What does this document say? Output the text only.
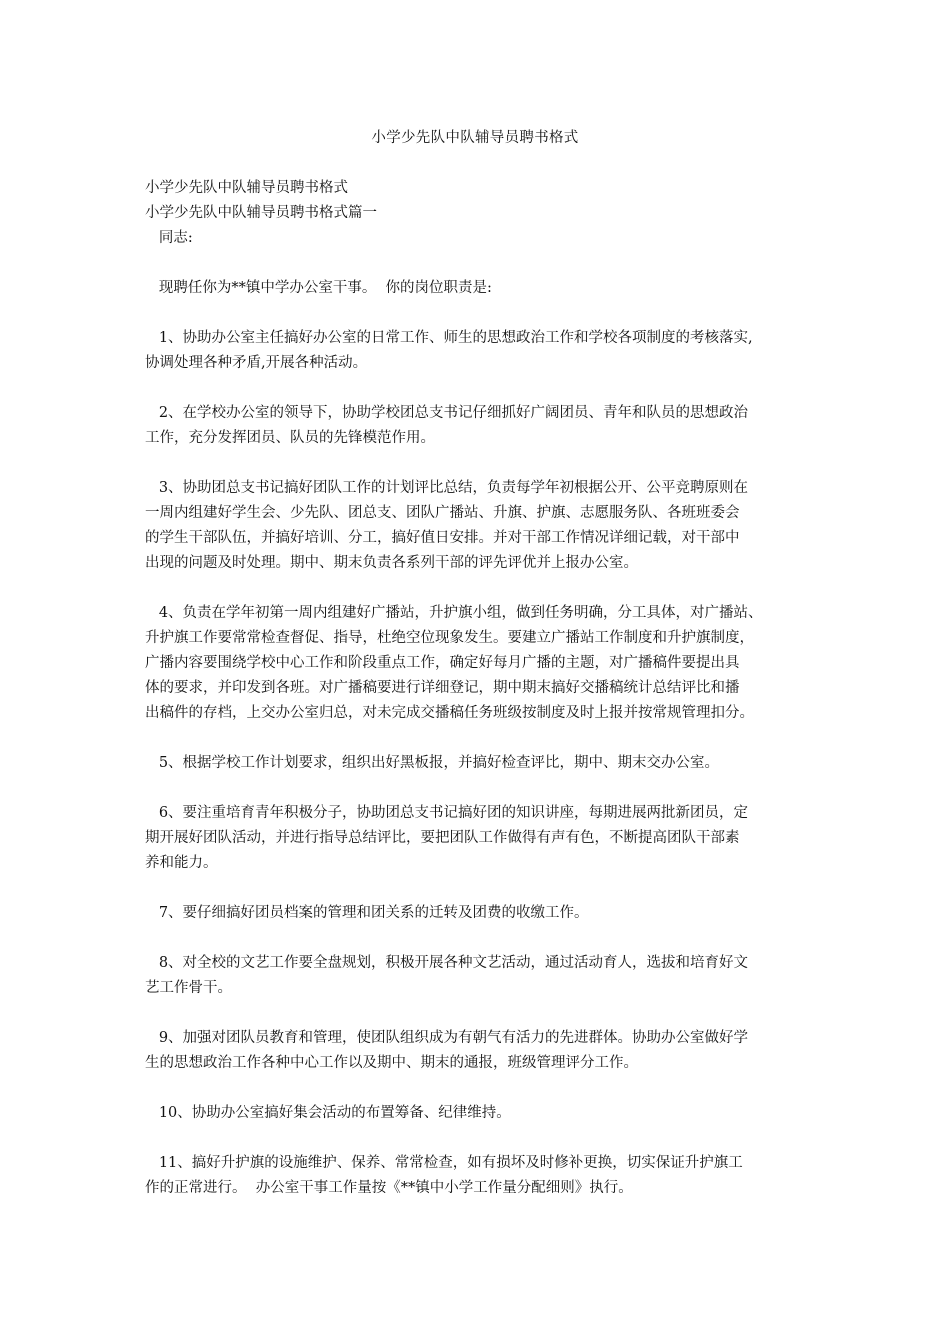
小学少先队中队辅导员聘书格式
小学少先队中队辅导员聘书格式
小学少先队中队辅导员聘书格式篇一
同志:
现聘任你为**镇中学办公室干事。  你的岗位职责是:
1、协助办公室主任搞好办公室的日常工作、师生的思想政治工作和学校各项制度的考核落实,
协调处理各种矛盾,开展各种活动。
2、在学校办公室的领导下，协助学校团总支书记仔细抓好广阔团员、青年和队员的思想政治
工作，充分发挥团员、队员的先锋模范作用。
3、协助团总支书记搞好团队工作的计划评比总结，负责每学年初根据公开、公平竞聘原则在
一周内组建好学生会、少先队、团总支、团队广播站、升旗、护旗、志愿服务队、各班班委会
的学生干部队伍，并搞好培训、分工，搞好值日安排。并对干部工作情况详细记载，对干部中
出现的问题及时处理。期中、期末负责各系列干部的评先评优并上报办公室。
4、负责在学年初第一周内组建好广播站，升护旗小组，做到任务明确，分工具体，对广播站、
升护旗工作要常常检查督促、指导，杜绝空位现象发生。要建立广播站工作制度和升护旗制度，
广播内容要围绕学校中心工作和阶段重点工作，确定好每月广播的主题，对广播稿件要提出具
体的要求，并印发到各班。对广播稿要进行详细登记，期中期末搞好交播稿统计总结评比和播
出稿件的存档，上交办公室归总，对未完成交播稿任务班级按制度及时上报并按常规管理扣分。
5、根据学校工作计划要求，组织出好黑板报，并搞好检查评比，期中、期末交办公室。
6、要注重培育青年积极分子，协助团总支书记搞好团的知识讲座，每期进展两批新团员，定
期开展好团队活动，并进行指导总结评比，要把团队工作做得有声有色，不断提高团队干部素
养和能力。
7、要仔细搞好团员档案的管理和团关系的迁转及团费的收缴工作。
8、对全校的文艺工作要全盘规划，积极开展各种文艺活动，通过活动育人，选拔和培育好文
艺工作骨干。
9、加强对团队员教育和管理，使团队组织成为有朝气有活力的先进群体。协助办公室做好学
生的思想政治工作各种中心工作以及期中、期末的通报，班级管理评分工作。
10、协助办公室搞好集会活动的布置筹备、纪律维持。
11、搞好升护旗的设施维护、保养、常常检查，如有损坏及时修补更换，切实保证升护旗工
作的正常进行。  办公室干事工作量按《**镇中小学工作量分配细则》执行。
